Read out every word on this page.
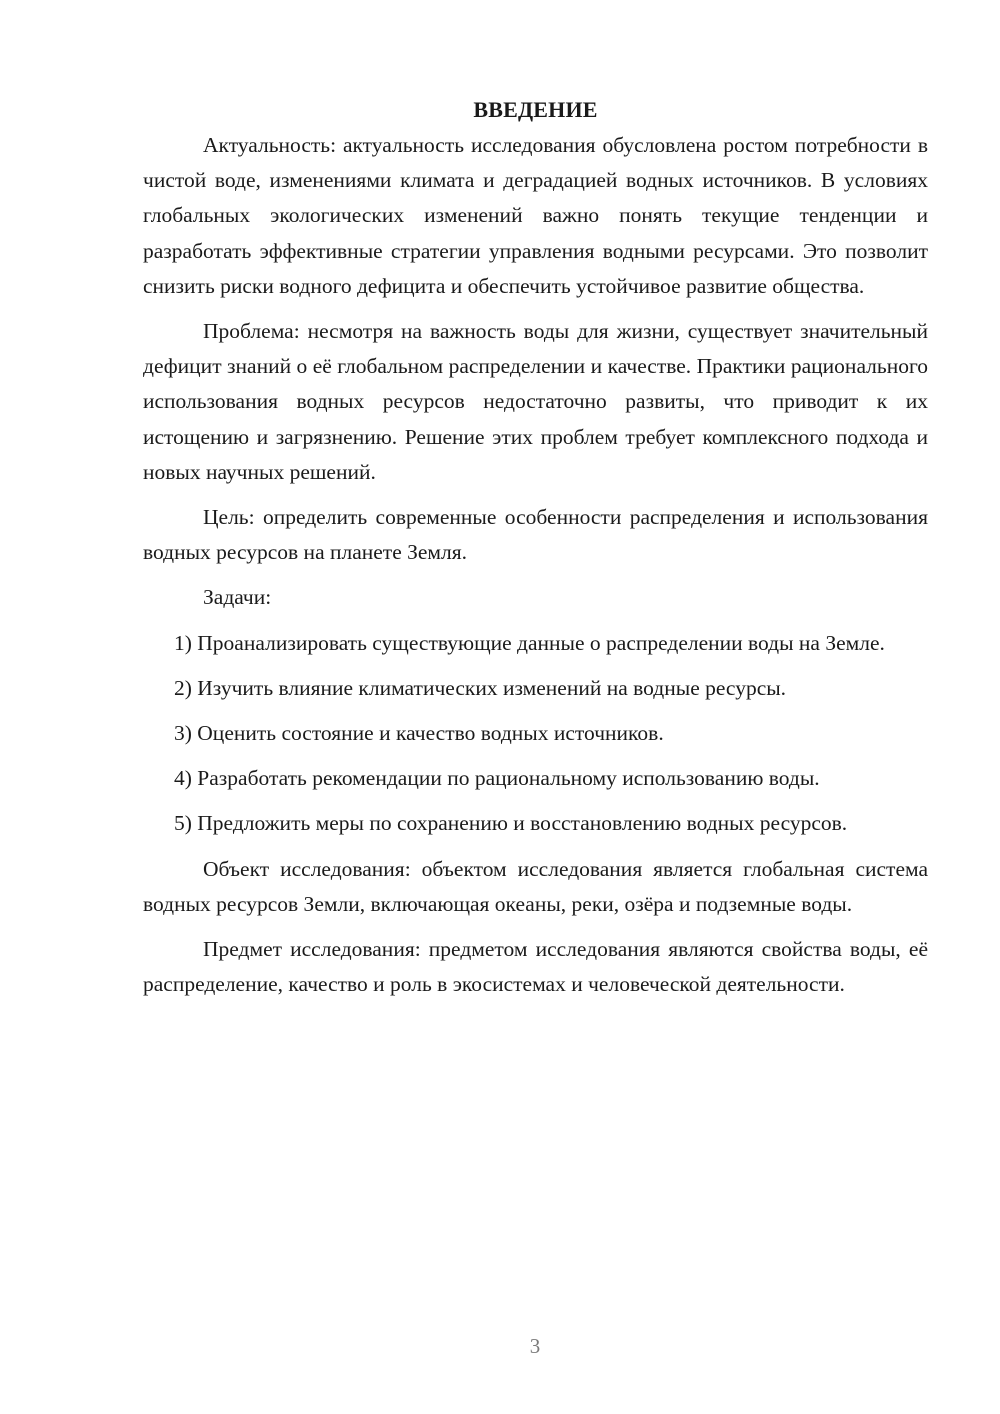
ВВЕДЕНИЕ

Актуальность: актуальность исследования обусловлена ростом потребности в чистой воде, изменениями климата и деградацией водных источников. В условиях глобальных экологических изменений важно понять текущие тенденции и разработать эффективные стратегии управления водными ресурсами. Это позволит снизить риски водного дефицита и обеспечить устойчивое развитие общества.

Проблема: несмотря на важность воды для жизни, существует значительный дефицит знаний о её глобальном распределении и качестве. Практики рационального использования водных ресурсов недостаточно развиты, что приводит к их истощению и загрязнению. Решение этих проблем требует комплексного подхода и новых научных решений.

Цель: определить современные особенности распределения и использования водных ресурсов на планете Земля.

Задачи:

1) Проанализировать существующие данные о распределении воды на Земле.

2) Изучить влияние климатических изменений на водные ресурсы.

3) Оценить состояние и качество водных источников.

4) Разработать рекомендации по рациональному использованию воды.

5) Предложить меры по сохранению и восстановлению водных ресурсов.

Объект исследования: объектом исследования является глобальная система водных ресурсов Земли, включающая океаны, реки, озёра и подземные воды.

Предмет исследования: предметом исследования являются свойства воды, её распределение, качество и роль в экосистемах и человеческой деятельности.

3
